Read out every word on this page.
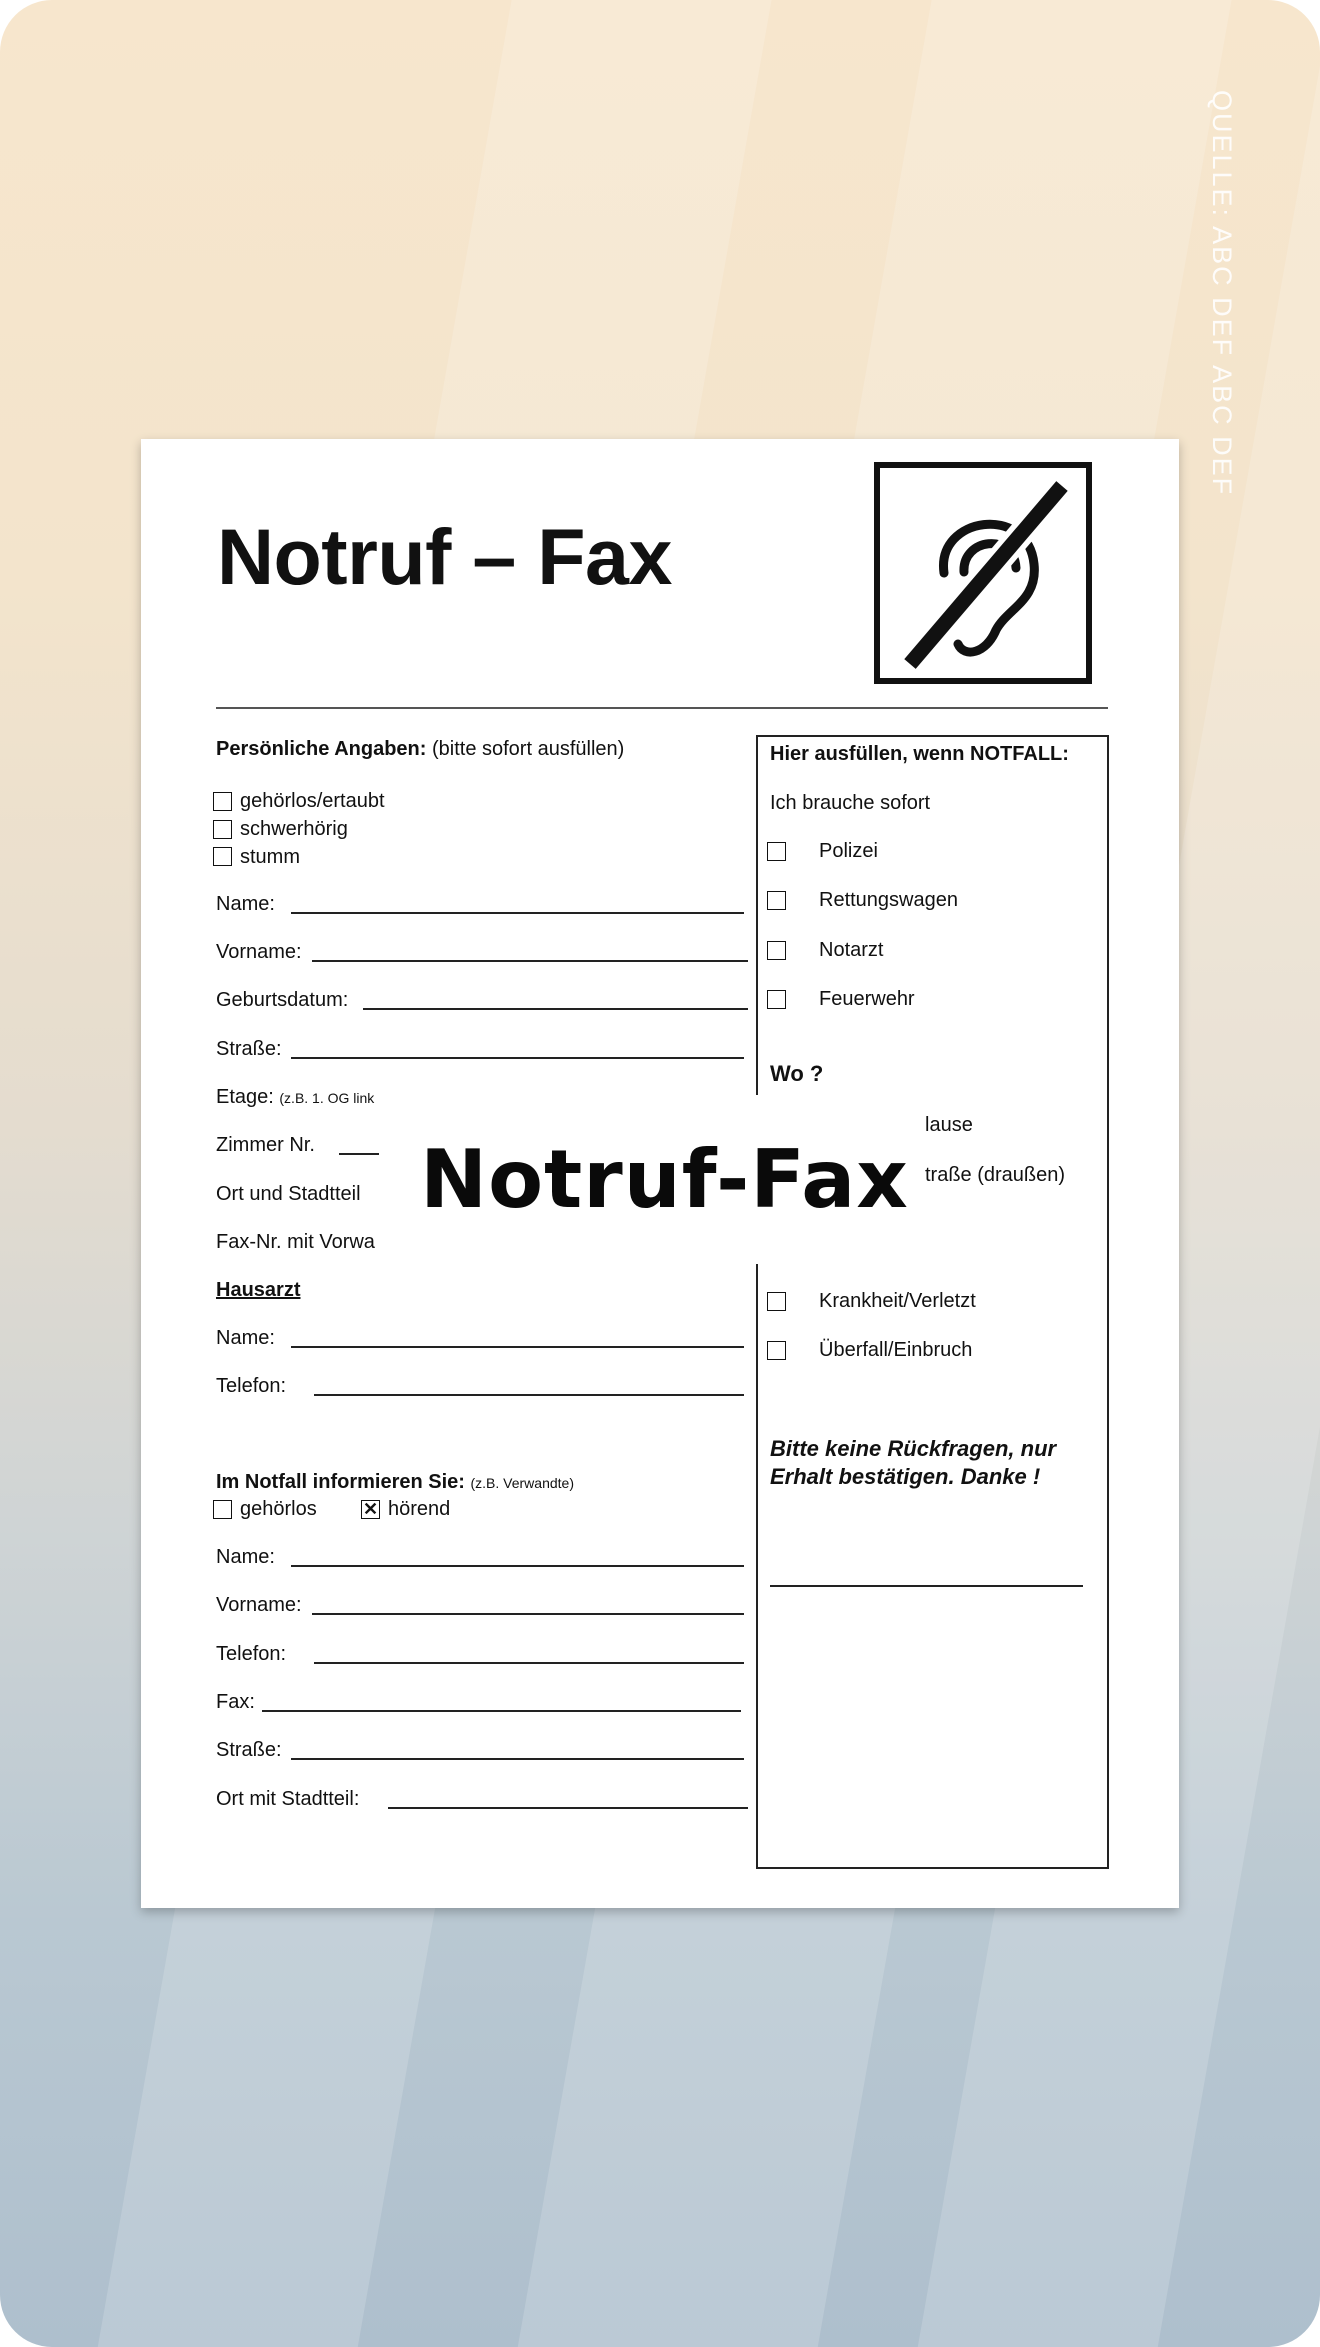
QUELLE: ABC DEF ABC DEF
Notruf – Fax
Persönliche Angaben: (bitte sofort ausfüllen)
gehörlos/ertaubt
schwerhörig
stumm
Name:
Vorname:
Geburtsdatum:
Straße:
Etage: (z.B. 1. OG link
Zimmer Nr.
Ort und Stadtteil
Fax-Nr. mit Vorwa
Hausarzt
Name:
Telefon:
Im Notfall informieren Sie: (z.B. Verwandte)
gehörlos	✕ hörend
Name:
Vorname:
Telefon:
Fax:
Straße:
Ort mit Stadtteil:
Hier ausfüllen, wenn NOTFALL:
Ich brauche sofort
Polizei
Rettungswagen
Notarzt
Feuerwehr
Wo ?
lause
traße (draußen)
Krankheit/Verletzt
Überfall/Einbruch
Bitte keine Rückfragen, nur
Erhalt bestätigen. Danke !
Notruf-Fax
